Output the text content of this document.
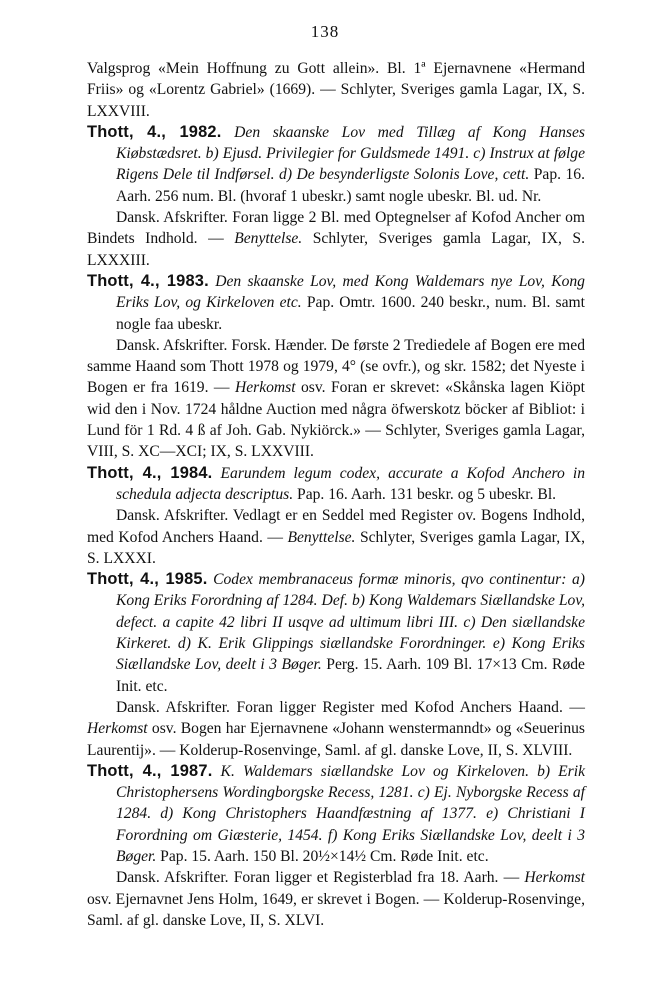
138

Valgsprog «Mein Hoffnung zu Gott allein». Bl. 1ª Ejernavnene «Hermand Friis» og «Lorentz Gabriel» (1669). — Schlyter, Sveriges gamla Lagar, IX, S. LXXVIII.

Thott, 4., 1982. Den skaanske Lov med Tillæg af Kong Hanses Kiøbstædsret. b) Ejusd. Privilegier for Guldsmede 1491. c) Instrux at følge Rigens Dele til Indførsel. d) De besynderligste Solonis Love, cett. Pap. 16. Aarh. 256 num. Bl. (hvoraf 1 ubeskr.) samt nogle ubeskr. Bl. ud. Nr.

Dansk. Afskrifter. Foran ligge 2 Bl. med Optegnelser af Kofod Ancher om Bindets Indhold. — Benyttelse. Schlyter, Sveriges gamla Lagar, IX, S. LXXXIII.

Thott, 4., 1983. Den skaanske Lov, med Kong Waldemars nye Lov, Kong Eriks Lov, og Kirkeloven etc. Pap. Omtr. 1600. 240 beskr., num. Bl. samt nogle faa ubeskr.

Dansk. Afskrifter. Forsk. Hænder. De første 2 Trediedele af Bogen ere med samme Haand som Thott 1978 og 1979, 4° (se ovfr.), og skr. 1582; det Nyeste i Bogen er fra 1619. — Herkomst osv. Foran er skrevet: «Skånska lagen Kiöpt wid den i Nov. 1724 håldne Auction med några öfwerskotz böcker af Bibliot: i Lund för 1 Rd. 4 ß af Joh. Gab. Nykiörck.» — Schlyter, Sveriges gamla Lagar, VIII, S. XC—XCI; IX, S. LXXVIII.

Thott, 4., 1984. Earundem legum codex, accurate a Kofod Anchero in schedula adjecta descriptus. Pap. 16. Aarh. 131 beskr. og 5 ubeskr. Bl.

Dansk. Afskrifter. Vedlagt er en Seddel med Register ov. Bogens Indhold, med Kofod Anchers Haand. — Benyttelse. Schlyter, Sveriges gamla Lagar, IX, S. LXXXI.

Thott, 4., 1985. Codex membranaceus formæ minoris, qvo continentur: a) Kong Eriks Forordning af 1284. Def. b) Kong Waldemars Siællandske Lov, defect. a capite 42 libri II usqve ad ultimum libri III. c) Den siællandske Kirkeret. d) K. Erik Glippings siællandske Forordninger. e) Kong Eriks Siællandske Lov, deelt i 3 Bøger. Perg. 15. Aarh. 109 Bl. 17×13 Cm. Røde Init. etc.

Dansk. Afskrifter. Foran ligger Register med Kofod Anchers Haand. — Herkomst osv. Bogen har Ejernavnene «Johann wenstermanndt» og «Seuerinus Laurentij». — Kolderup-Rosenvinge, Saml. af gl. danske Love, II, S. XLVIII.

Thott, 4., 1987. K. Waldemars siællandske Lov og Kirkeloven. b) Erik Christophersens Wordingborgske Recess, 1281. c) Ej. Nyborgske Recess af 1284. d) Kong Christophers Haandfæstning af 1377. e) Christiani I Forordning om Giæsterie, 1454. f) Kong Eriks Siællandske Lov, deelt i 3 Bøger. Pap. 15. Aarh. 150 Bl. 20½×14½ Cm. Røde Init. etc.

Dansk. Afskrifter. Foran ligger et Registerblad fra 18. Aarh. — Herkomst osv. Ejernavnet Jens Holm, 1649, er skrevet i Bogen. — Kolderup-Rosenvinge, Saml. af gl. danske Love, II, S. XLVI.
